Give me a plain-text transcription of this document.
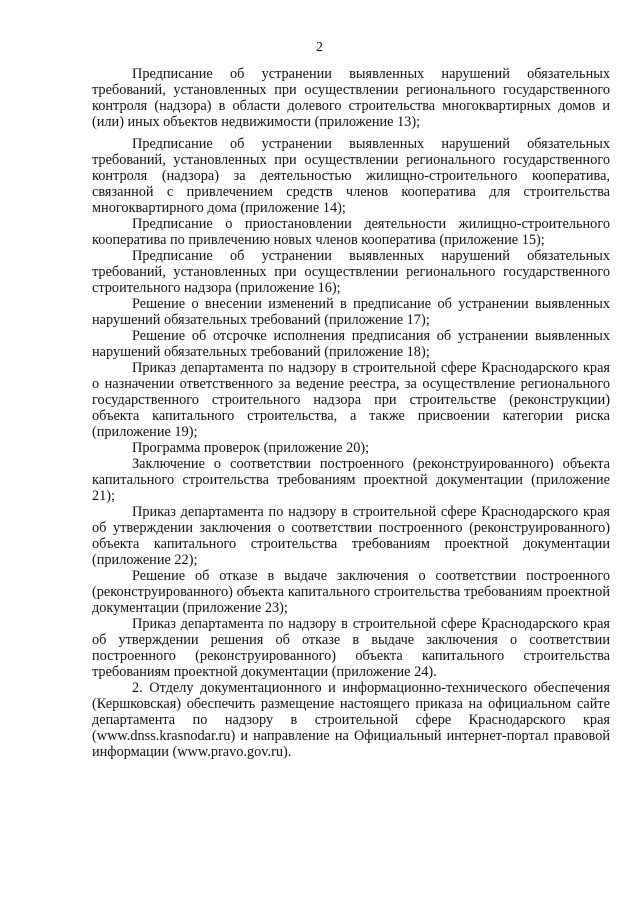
2

Предписание об устранении выявленных нарушений обязательных требований, установленных при осуществлении регионального государственного контроля (надзора) в области долевого строительства многоквартирных домов и (или) иных объектов недвижимости (приложение 13);

Предписание об устранении выявленных нарушений обязательных требований, установленных при осуществлении регионального государственного контроля (надзора) за деятельностью жилищно-строительного кооператива, связанной с привлечением средств членов кооператива для строительства многоквартирного дома (приложение 14);

Предписание о приостановлении деятельности жилищно-строительного кооператива по привлечению новых членов кооператива (приложение 15);

Предписание об устранении выявленных нарушений обязательных требований, установленных при осуществлении регионального государственного строительного надзора (приложение 16);

Решение о внесении изменений в предписание об устранении выявленных нарушений обязательных требований (приложение 17);

Решение об отсрочке исполнения предписания об устранении выявленных нарушений обязательных требований (приложение 18);

Приказ департамента по надзору в строительной сфере Краснодарского края о назначении ответственного за ведение реестра, за осуществление регионального государственного строительного надзора при строительстве (реконструкции) объекта капитального строительства, а также присвоении категории риска (приложение 19);

Программа проверок (приложение 20);

Заключение о соответствии построенного (реконструированного) объекта капитального строительства требованиям проектной документации (приложение 21);

Приказ департамента по надзору в строительной сфере Краснодарского края об утверждении заключения о соответствии построенного (реконструированного) объекта капитального строительства требованиям проектной документации (приложение 22);

Решение об отказе в выдаче заключения о соответствии построенного (реконструированного) объекта капитального строительства требованиям проектной документации (приложение 23);

Приказ департамента по надзору в строительной сфере Краснодарского края об утверждении решения об отказе в выдаче заключения о соответствии построенного (реконструированного) объекта капитального строительства требованиям проектной документации (приложение 24).

2. Отделу документационного и информационно-технического обеспечения (Кершковская) обеспечить размещение настоящего приказа на официальном сайте департамента по надзору в строительной сфере Краснодарского края (www.dnss.krasnodar.ru) и направление на Официальный интернет-портал правовой информации (www.pravo.gov.ru).
